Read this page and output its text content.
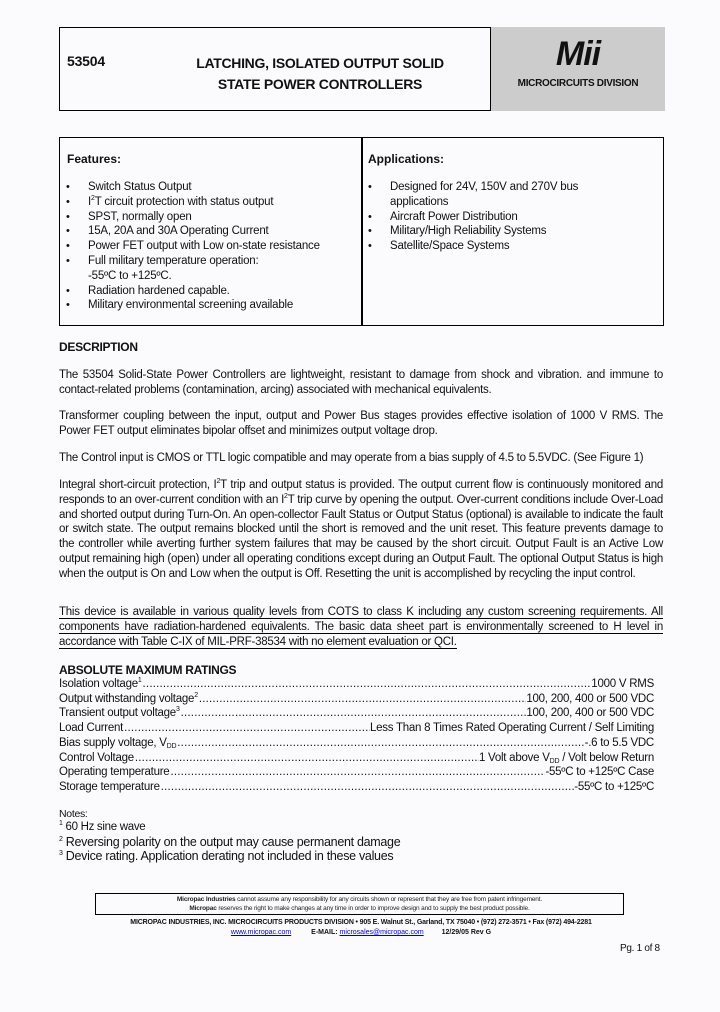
53504	LATCHING, ISOLATED OUTPUT SOLID
STATE POWER CONTROLLERS
Mii
MICROCIRCUITS DIVISION
Features:
• Switch Status Output
• $I^2T$ circuit protection with status output
• SPST, normally open
• 15A, 20A and 30A Operating Current
• Power FET output with Low on-state resistance
• Full military temperature operation:
-55ºC to +125ºC.
• Radiation hardened capable.
• Military environmental screening available
Applications:
• Designed for 24V, 150V and 270V bus
applications
• Aircraft Power Distribution
• Military/High Reliability Systems
• Satellite/Space Systems
DESCRIPTION
The 53504 Solid-State Power Controllers are lightweight, resistant to damage from shock and vibration. and immune to contact-related problems (contamination, arcing) associated with mechanical equivalents.
Transformer coupling between the input, output and Power Bus stages provides effective isolation of 1000 V RMS. The Power FET output eliminates bipolar offset and minimizes output voltage drop.
The Control input is CMOS or TTL logic compatible and may operate from a bias supply of 4.5 to 5.5VDC. (See Figure 1)
Integral short-circuit protection, $I^2T$ trip and output status is provided. The output current flow is continuously monitored and responds to an over-current condition with an $I^2T$ trip curve by opening the output. Over-current conditions include Over-Load and shorted output during Turn-On. An open-collector Fault Status or Output Status (optional) is available to indicate the fault or switch state. The output remains blocked until the short is removed and the unit reset. This feature prevents damage to the controller while averting further system failures that may be caused by the short circuit. Output Fault is an Active Low output remaining high (open) under all operating conditions except during an Output Fault. The optional Output Status is high when the output is On and Low when the output is Off. Resetting the unit is accomplished by recycling the input control.
This device is available in various quality levels from COTS to class K including any custom screening requirements. All components have radiation-hardened equivalents. The basic data sheet part is environmentally screened to H level in accordance with Table C-IX of MIL-PRF-38534 with no element evaluation or QCI.
ABSOLUTE MAXIMUM RATINGS
Isolation voltage$^1$ .....	1000 V RMS
Output withstanding voltage$^2$ .....	100, 200, 400 or 500 VDC
Transient output voltage$^3$ .....	100, 200, 400 or 500 VDC
Load Current .....	Less Than 8 Times Rated Operating Current / Self Limiting
Bias supply voltage, $V_{DD}$ .....	-.6 to 5.5 VDC
Control Voltage .....	1 Volt above $V_{DD}$ / Volt below Return
Operating temperature .....	-55ºC to +125ºC Case
Storage temperature .....	-55ºC to +125ºC
Notes:
$^1$ 60 Hz sine wave
$^2$ Reversing polarity on the output may cause permanent damage
$^3$ Device rating. Application derating not included in these values
Micropac Industries cannot assume any responsibility for any circuits shown or represent that they are free from patent infringement.
Micropac reserves the right to make changes at any time in order to improve design and to supply the best product possible.
MICROPAC INDUSTRIES, INC. MICROCIRCUITS PRODUCTS DIVISION • 905 E. Walnut St., Garland, TX 75040 • (972) 272-3571 • Fax (972) 494-2281
www.micropac.com	E-MAIL: microsales@micropac.com	12/29/05 Rev G
Pg. 1 of 8
